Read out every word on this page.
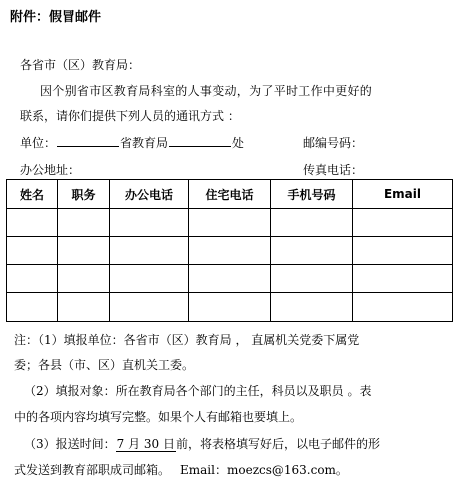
附件：假冒邮件
各省市（区）教育局：
因个别省市区教育局科室的人事变动，为了平时工作中更好的
联系，请你们提供下列人员的通讯方式 ：
单位：	省教育局	处	邮编号码：
办公地址：	传真电话：
姓名	职务	办公电话	住宅电话	手机号码	Email

注：（1）填报单位：各省市（区）教育局 ， 直属机关党委下属党
委；各县（市、区）直机关工委。
（2）填报对象：所在教育局各个部门的主任，科员以及职员 。表
中的各项内容均填写完整。如果个人有邮箱也要填上。
（3）报送时间：7 月 30 日前，将表格填写好后，以电子邮件的形
式发送到教育部职成司邮箱。 Email：moezcs@163.com。
